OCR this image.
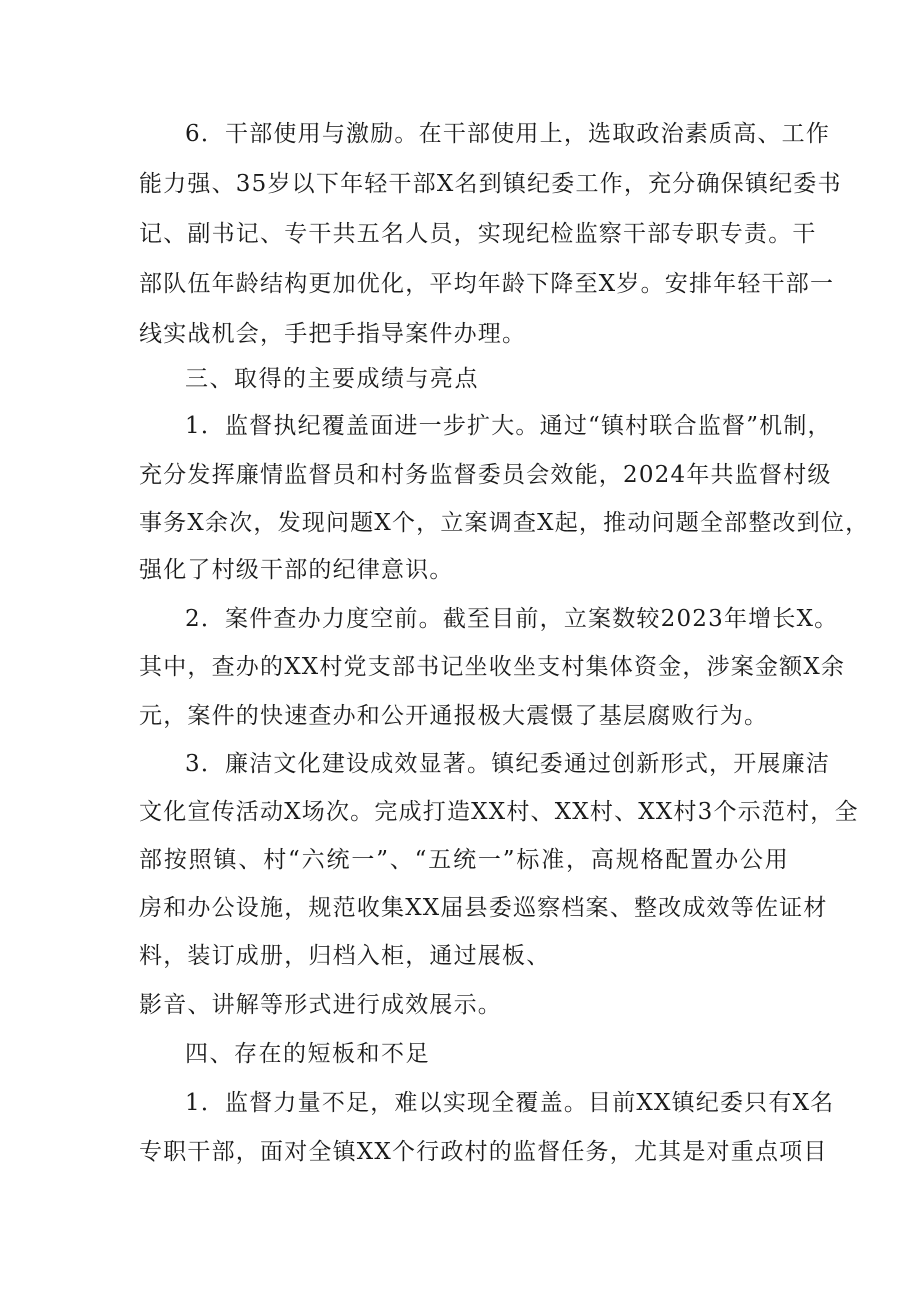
6．干部使用与激励。在干部使用上，选取政治素质高、工作
能力强、35岁以下年轻干部X名到镇纪委工作，充分确保镇纪委书
记、副书记、专干共五名人员，实现纪检监察干部专职专责。干
部队伍年龄结构更加优化，平均年龄下降至X岁。安排年轻干部一
线实战机会，手把手指导案件办理。
三、取得的主要成绩与亮点
1．监督执纪覆盖面进一步扩大。通过“镇村联合监督”机制，
充分发挥廉情监督员和村务监督委员会效能，2024年共监督村级
事务X余次，发现问题X个，立案调查X起，推动问题全部整改到位，
强化了村级干部的纪律意识。
2．案件查办力度空前。截至目前，立案数较2023年增长X。
其中，查办的XX村党支部书记坐收坐支村集体资金，涉案金额X余
元，案件的快速查办和公开通报极大震慑了基层腐败行为。
3．廉洁文化建设成效显著。镇纪委通过创新形式，开展廉洁
文化宣传活动X场次。完成打造XX村、XX村、XX村3个示范村，全
部按照镇、村“六统一”、“五统一”标准，高规格配置办公用
房和办公设施，规范收集XX届县委巡察档案、整改成效等佐证材
料，装订成册，归档入柜，通过展板、
影音、讲解等形式进行成效展示。
四、存在的短板和不足
1．监督力量不足，难以实现全覆盖。目前XX镇纪委只有X名
专职干部，面对全镇XX个行政村的监督任务，尤其是对重点项目
